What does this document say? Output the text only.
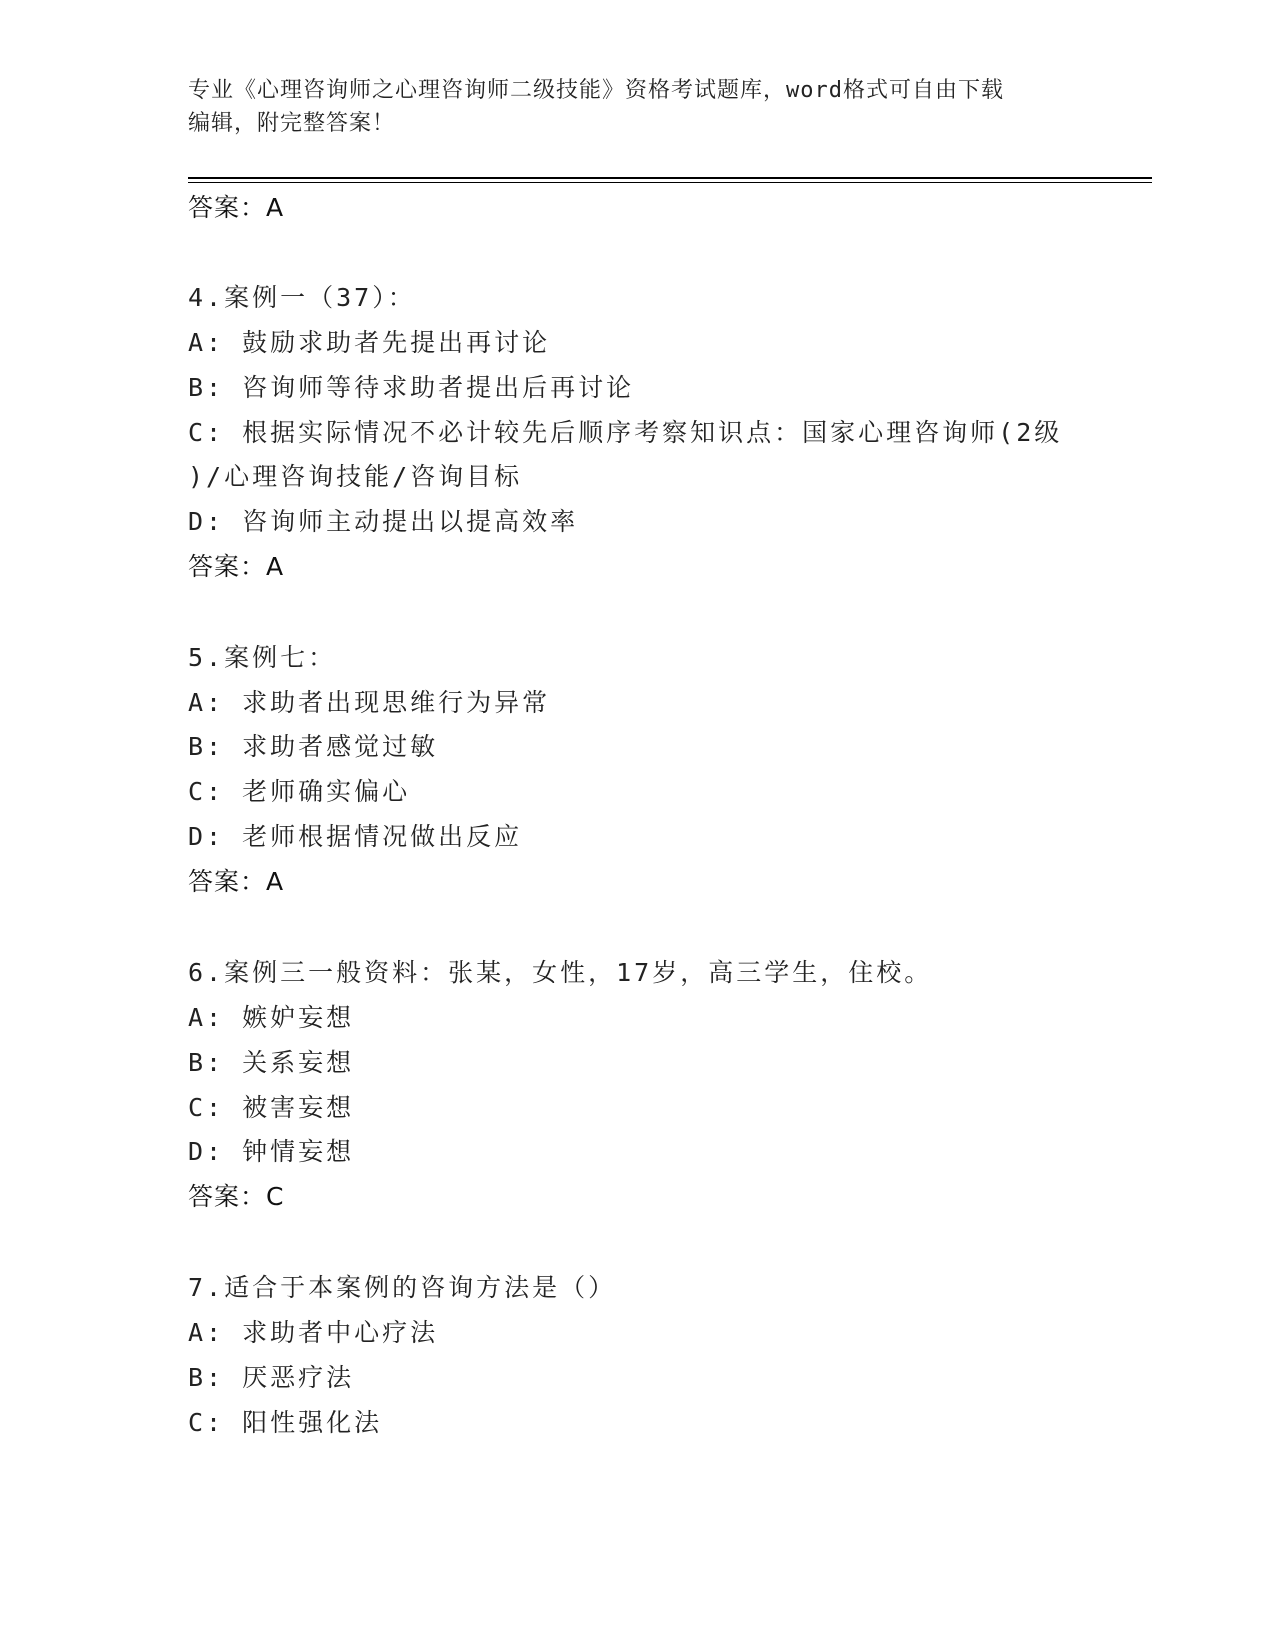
专业《心理咨询师之心理咨询师二级技能》资格考试题库，word格式可自由下载
编辑，附完整答案！
答案：A
4.案例一（37）：
A: 鼓励求助者先提出再讨论
B: 咨询师等待求助者提出后再讨论
C: 根据实际情况不必计较先后顺序考察知识点：国家心理咨询师(2级
)/心理咨询技能/咨询目标
D: 咨询师主动提出以提高效率
答案：A
5.案例七：
A: 求助者出现思维行为异常
B: 求助者感觉过敏
C: 老师确实偏心
D: 老师根据情况做出反应
答案：A
6.案例三一般资料：张某，女性，17岁，高三学生，住校。
A: 嫉妒妄想
B: 关系妄想
C: 被害妄想
D: 钟情妄想
答案：C
7.适合于本案例的咨询方法是（）
A: 求助者中心疗法
B: 厌恶疗法
C: 阳性强化法
